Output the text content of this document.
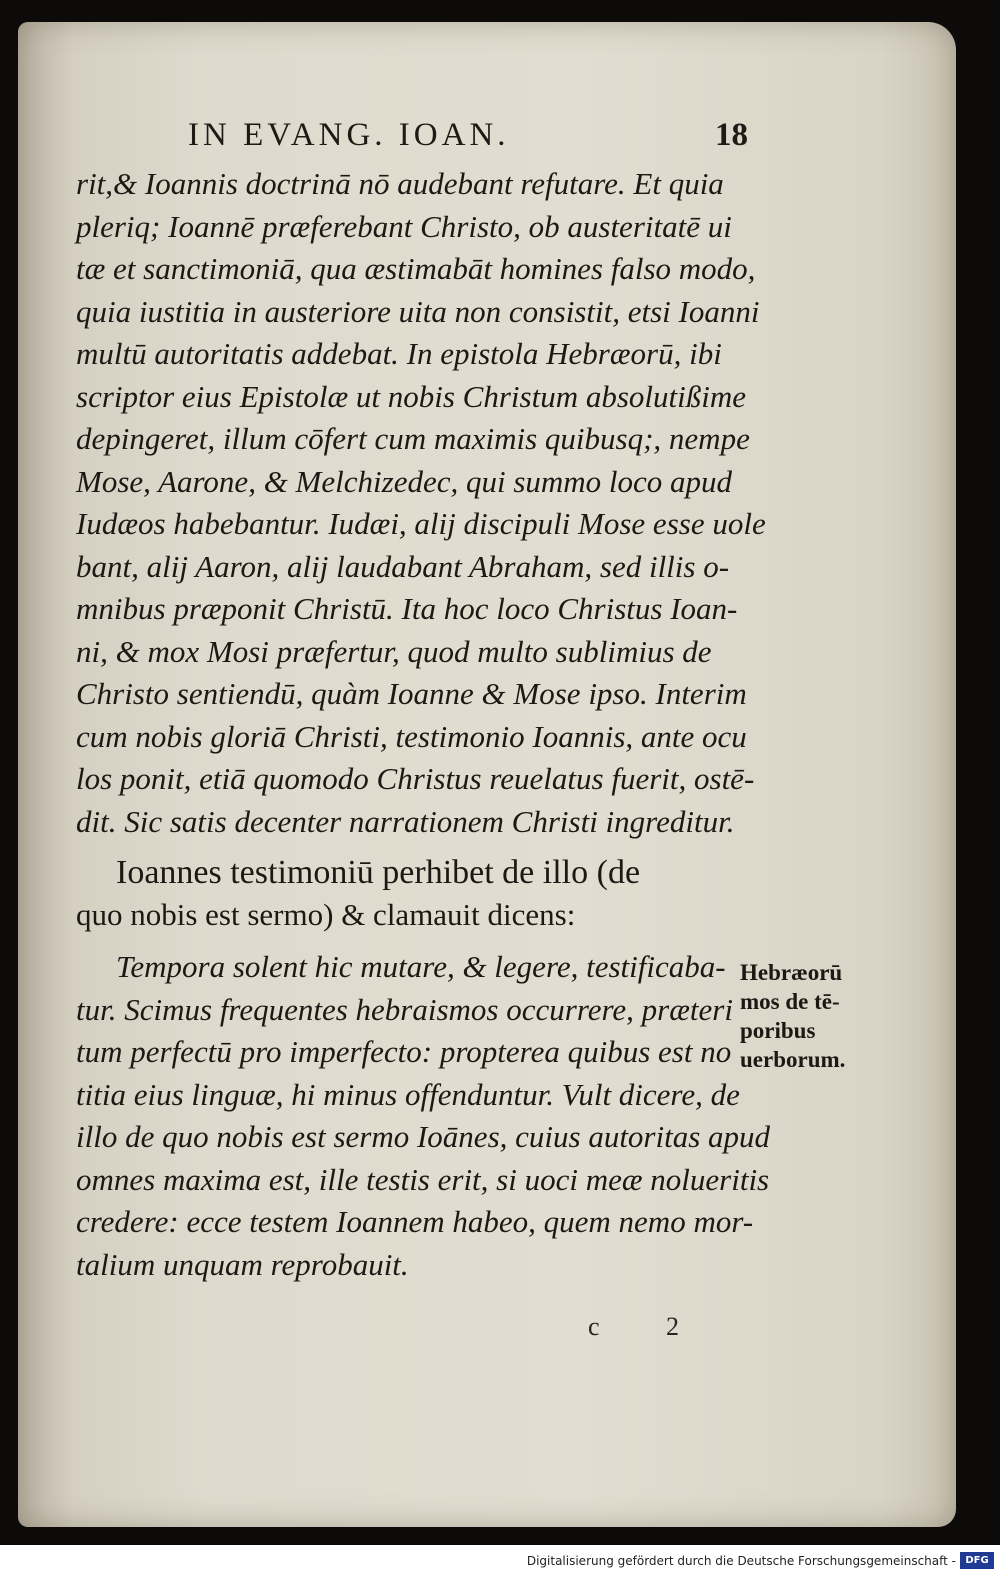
IN EVANG. IOAN.	18
rit,& Ioannis doctrinā nō audebant refutare. Et quia
pleriq; Ioannē præferebant Christo, ob austeritatē ui
tæ et sanctimoniā, qua æstimabāt homines falso modo,
quia iustitia in austeriore uita non consistit, etsi Ioanni
multū autoritatis addebat. In epistola Hebræorū, ibi
scriptor eius Epistolæ ut nobis Christum absolutißime
depingeret, illum cōfert cum maximis quibusq;, nempe
Mose, Aarone, & Melchizedec, qui summo loco apud
Iudæos habebantur. Iudæi, alij discipuli Mose esse uole
bant, alij Aaron, alij laudabant Abraham, sed illis o-
mnibus præponit Christū. Ita hoc loco Christus Ioan-
ni, & mox Mosi præfertur, quod multo sublimius de
Christo sentiendū, quàm Ioanne & Mose ipso. Interim
cum nobis gloriā Christi, testimonio Ioannis, ante ocu
los ponit, etiā quomodo Christus reuelatus fuerit, ostē-
dit. Sic satis decenter narrationem Christi ingreditur.
Ioannes testimoniū perhibet de illo (de
quo nobis est sermo) & clamauit dicens:
Tempora solent hic mutare, & legere, testificaba-
tur. Scimus frequentes hebraismos occurrere, præteri
tum perfectū pro imperfecto: propterea quibus est no
titia eius linguæ, hi minus offenduntur. Vult dicere, de
illo de quo nobis est sermo Ioānes, cuius autoritas apud
omnes maxima est, ille testis erit, si uoci meæ nolueritis
credere: ecce testem Ioannem habeo, quem nemo mor-
talium unquam reprobauit.
Hebræorū
mos de tē-
poribus
uerborum.
c 2
Digitalisierung gefördert durch die Deutsche Forschungsgemeinschaft - DFG
